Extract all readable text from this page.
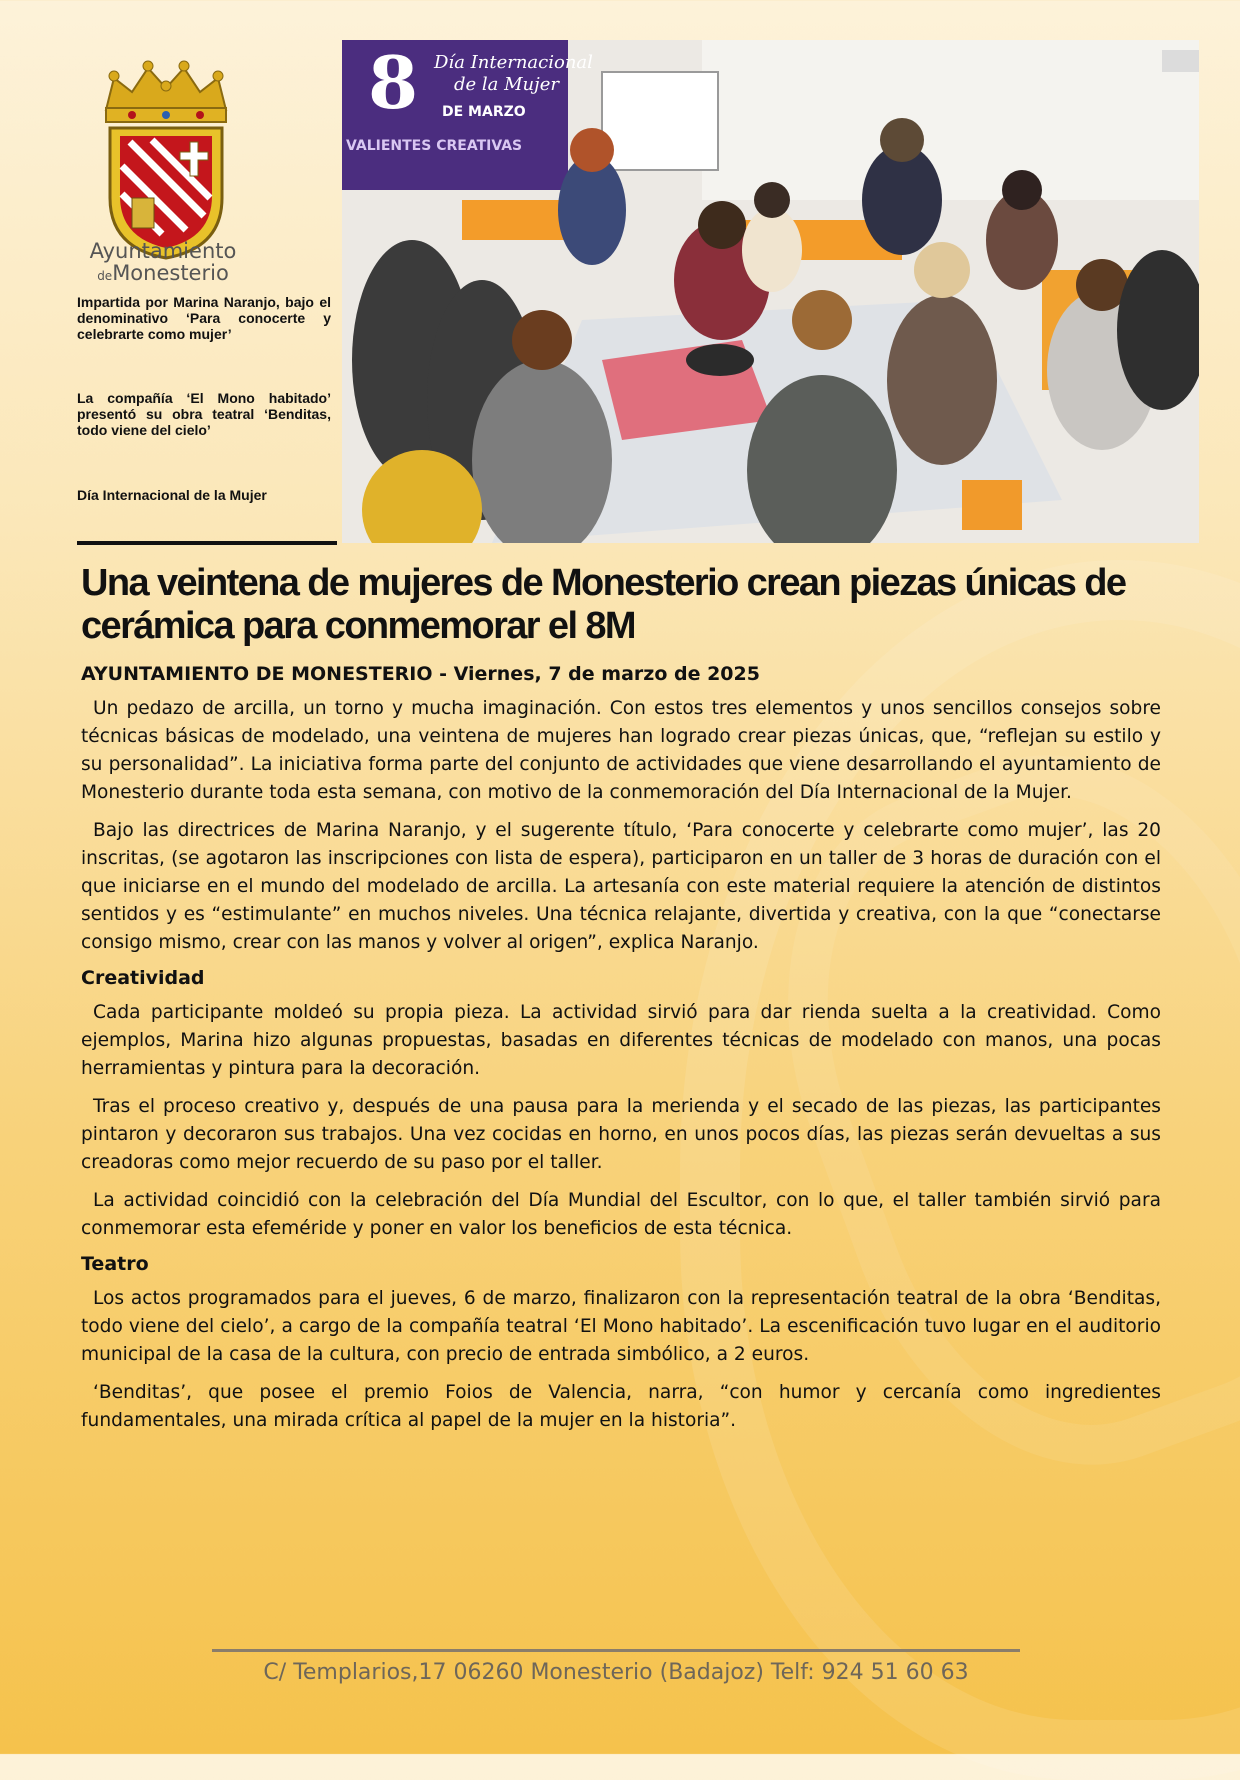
Ayuntamiento
deMonesterio

Impartida por Marina Naranjo, bajo el denominativo ‘Para conocerte y celebrarte como mujer’

La compañía ‘El Mono habitado’ presentó su obra teatral ‘Benditas, todo viene del cielo’

Día Internacional de la Mujer

8 Día Internacional
de la Mujer
DE MARZO
VALIENTES CREATIVAS
Una veintena de mujeres de Monesterio crean piezas únicas de cerámica para conmemorar el 8M
AYUNTAMIENTO DE MONESTERIO - Viernes, 7 de marzo de 2025

Un pedazo de arcilla, un torno y mucha imaginación. Con estos tres elementos y unos sencillos consejos sobre técnicas básicas de modelado, una veintena de mujeres han logrado crear piezas únicas, que, “reflejan su estilo y su personalidad”. La iniciativa forma parte del conjunto de actividades que viene desarrollando el ayuntamiento de Monesterio durante toda esta semana, con motivo de la conmemoración del Día Internacional de la Mujer.

Bajo las directrices de Marina Naranjo, y el sugerente título, ‘Para conocerte y celebrarte como mujer’, las 20 inscritas, (se agotaron las inscripciones con lista de espera), participaron en un taller de 3 horas de duración con el que iniciarse en el mundo del modelado de arcilla. La artesanía con este material requiere la atención de distintos sentidos y es “estimulante” en muchos niveles. Una técnica relajante, divertida y creativa, con la que “conectarse consigo mismo, crear con las manos y volver al origen”, explica Naranjo.

Creatividad

Cada participante moldeó su propia pieza. La actividad sirvió para dar rienda suelta a la creatividad. Como ejemplos, Marina hizo algunas propuestas, basadas en diferentes técnicas de modelado con manos, una pocas herramientas y pintura para la decoración.

Tras el proceso creativo y, después de una pausa para la merienda y el secado de las piezas, las participantes pintaron y decoraron sus trabajos. Una vez cocidas en horno, en unos pocos días, las piezas serán devueltas a sus creadoras como mejor recuerdo de su paso por el taller.

La actividad coincidió con la celebración del Día Mundial del Escultor, con lo que, el taller también sirvió para conmemorar esta efeméride y poner en valor los beneficios de esta técnica.

Teatro

Los actos programados para el jueves, 6 de marzo, finalizaron con la representación teatral de la obra ‘Benditas, todo viene del cielo’, a cargo de la compañía teatral ‘El Mono habitado’. La escenificación tuvo lugar en el auditorio municipal de la casa de la cultura, con precio de entrada simbólico, a 2 euros.

‘Benditas’, que posee el premio Foios de Valencia, narra, “con humor y cercanía como ingredientes fundamentales, una mirada crítica al papel de la mujer en la historia”.

C/ Templarios,17 06260 Monesterio (Badajoz) Telf: 924 51 60 63
